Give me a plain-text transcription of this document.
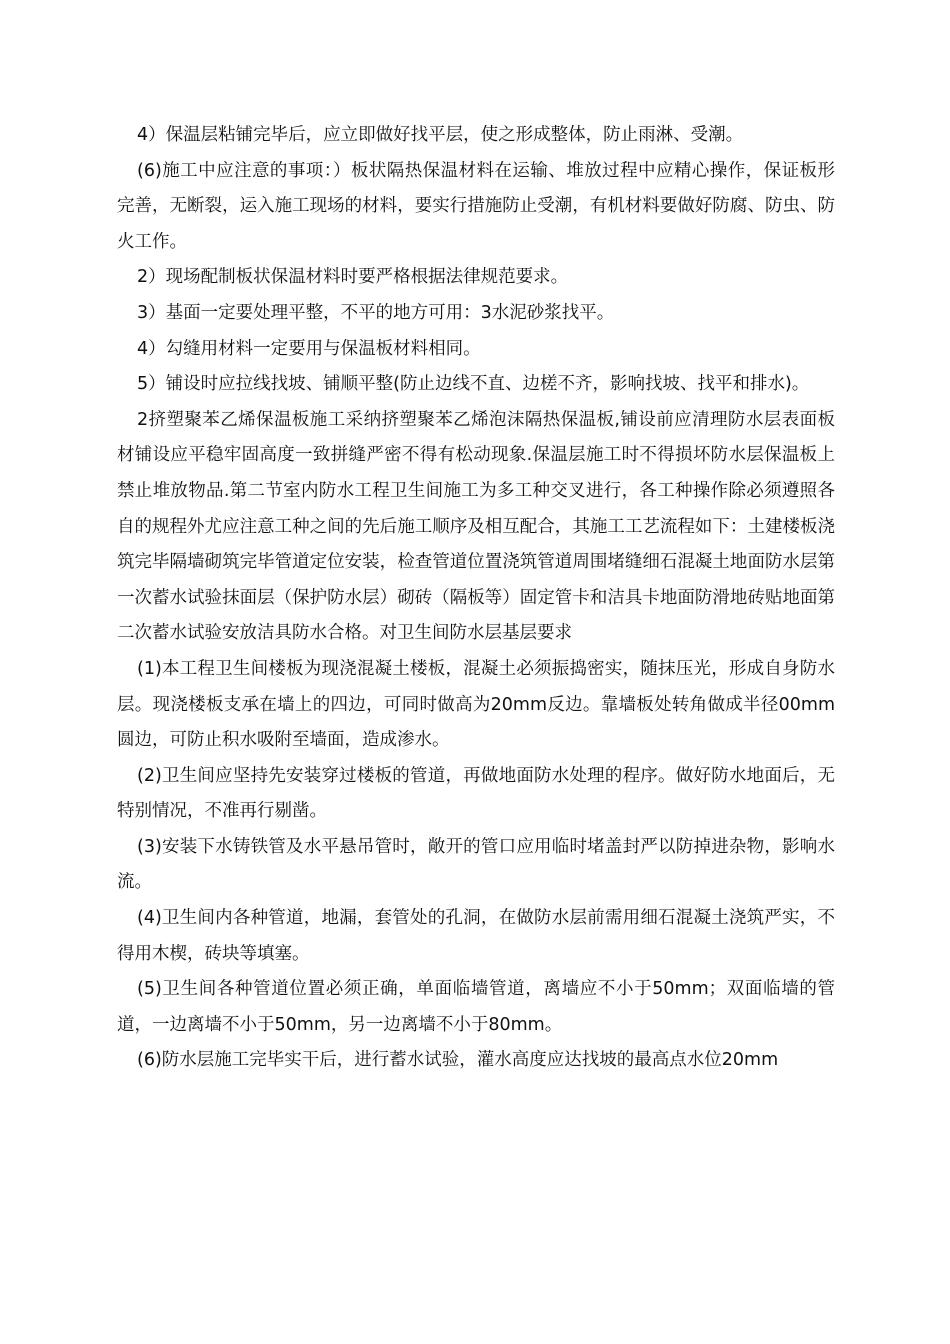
4）保温层粘铺完毕后，应立即做好找平层，使之形成整体，防止雨淋、受潮。

(6)施工中应注意的事项：）板状隔热保温材料在运输、堆放过程中应精心操作，保证板形完善，无断裂，运入施工现场的材料，要实行措施防止受潮，有机材料要做好防腐、防虫、防火工作。

2）现场配制板状保温材料时要严格根据法律规范要求。

3）基面一定要处理平整，不平的地方可用：3水泥砂浆找平。

4）勾缝用材料一定要用与保温板材料相同。

5）铺设时应拉线找坡、铺顺平整(防止边线不直、边槎不齐，影响找坡、找平和排水)。

2挤塑聚苯乙烯保温板施工采纳挤塑聚苯乙烯泡沫隔热保温板,铺设前应清理防水层表面板材铺设应平稳牢固高度一致拼缝严密不得有松动现象.保温层施工时不得损坏防水层保温板上禁止堆放物品.第二节室内防水工程卫生间施工为多工种交叉进行，各工种操作除必须遵照各自的规程外尤应注意工种之间的先后施工顺序及相互配合，其施工工艺流程如下：土建楼板浇筑完毕隔墙砌筑完毕管道定位安装，检查管道位置浇筑管道周围堵缝细石混凝土地面防水层第一次蓄水试验抹面层（保护防水层）砌砖（隔板等）固定管卡和洁具卡地面防滑地砖贴地面第二次蓄水试验安放洁具防水合格。对卫生间防水层基层要求

(1)本工程卫生间楼板为现浇混凝土楼板，混凝土必须振捣密实，随抹压光，形成自身防水层。现浇楼板支承在墙上的四边，可同时做高为20mm反边。靠墙板处转角做成半径00mm圆边，可防止积水吸附至墙面，造成渗水。

(2)卫生间应坚持先安装穿过楼板的管道，再做地面防水处理的程序。做好防水地面后，无特别情况，不准再行剔凿。

(3)安装下水铸铁管及水平悬吊管时，敞开的管口应用临时堵盖封严以防掉进杂物，影响水流。

(4)卫生间内各种管道，地漏，套管处的孔洞，在做防水层前需用细石混凝土浇筑严实，不得用木楔，砖块等填塞。

(5)卫生间各种管道位置必须正确，单面临墙管道，离墙应不小于50mm；双面临墙的管道，一边离墙不小于50mm，另一边离墙不小于80mm。

(6)防水层施工完毕实干后，进行蓄水试验，灌水高度应达找坡的最高点水位20mm
